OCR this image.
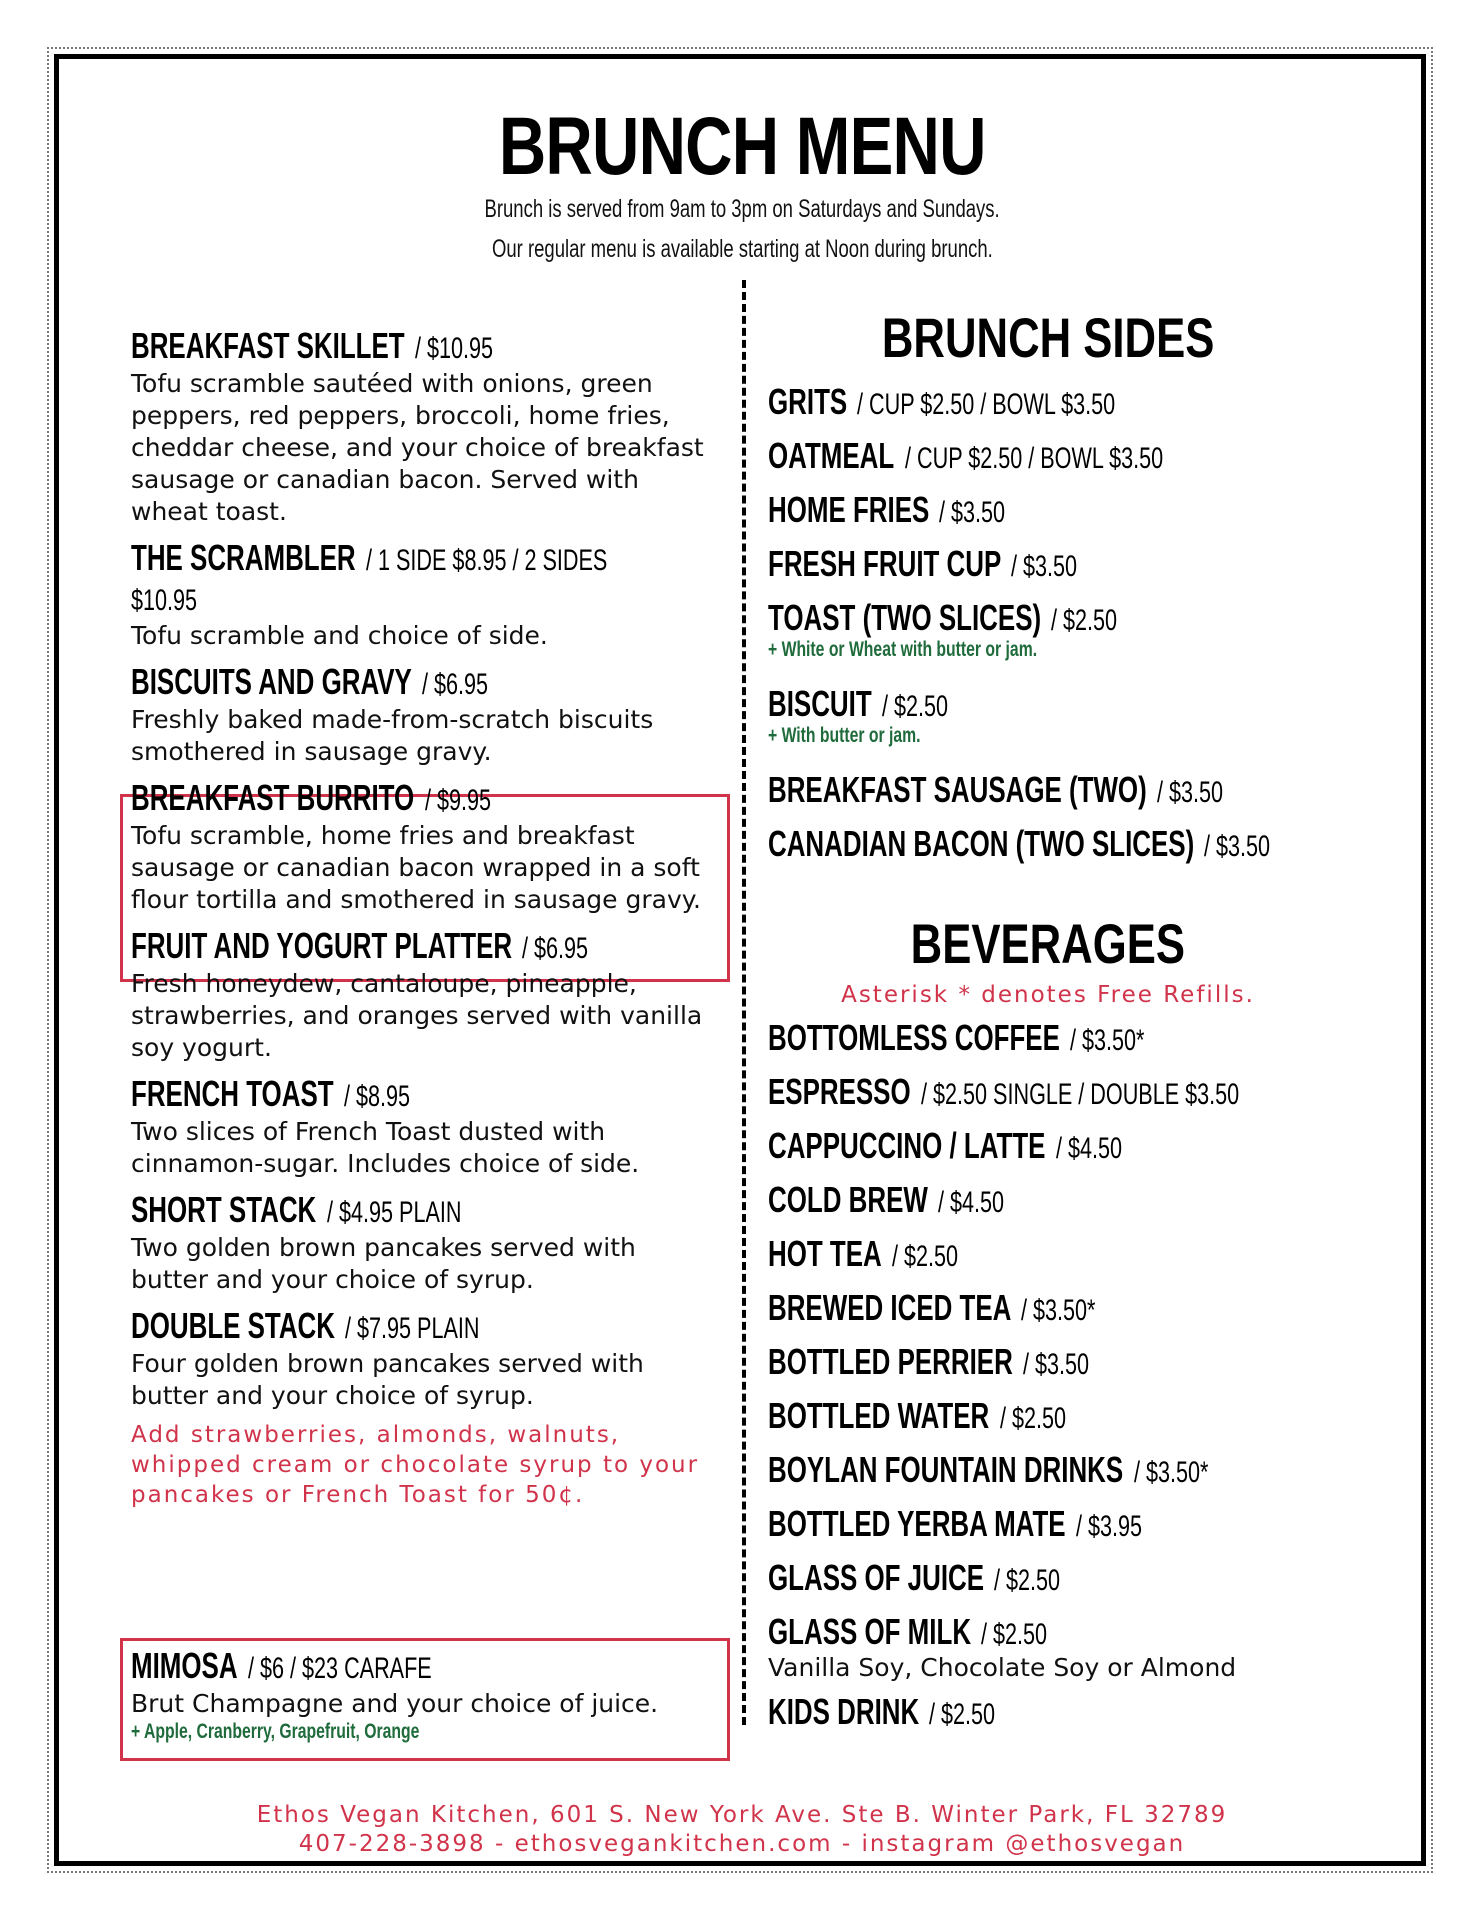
BRUNCH MENU
Brunch is served from 9am to 3pm on Saturdays and Sundays.
Our regular menu is available starting at Noon during brunch.
BREAKFAST SKILLET / $10.95
Tofu scramble sautéed with onions, green peppers, red peppers, broccoli, home fries, cheddar cheese, and your choice of breakfast sausage or canadian bacon. Served with wheat toast.
THE SCRAMBLER / 1 SIDE $8.95 / 2 SIDES
$10.95
Tofu scramble and choice of side.
BISCUITS AND GRAVY / $6.95
Freshly baked made-from-scratch biscuits smothered in sausage gravy.
BREAKFAST BURRITO / $9.95
Tofu scramble, home fries and breakfast sausage or canadian bacon wrapped in a soft flour tortilla and smothered in sausage gravy.
FRUIT AND YOGURT PLATTER / $6.95
Fresh honeydew, cantaloupe, pineapple, strawberries, and oranges served with vanilla soy yogurt.
FRENCH TOAST / $8.95
Two slices of French Toast dusted with cinnamon-sugar. Includes choice of side.
SHORT STACK / $4.95 PLAIN
Two golden brown pancakes served with butter and your choice of syrup.
DOUBLE STACK / $7.95 PLAIN
Four golden brown pancakes served with butter and your choice of syrup.
Add strawberries, almonds, walnuts, whipped cream or chocolate syrup to your pancakes or French Toast for 50¢.
MIMOSA / $6 / $23 CARAFE
Brut Champagne and your choice of juice.
+ Apple, Cranberry, Grapefruit, Orange
BRUNCH SIDES
GRITS / CUP $2.50 / BOWL $3.50
OATMEAL / CUP $2.50 / BOWL $3.50
HOME FRIES / $3.50
FRESH FRUIT CUP / $3.50
TOAST (TWO SLICES) / $2.50
+ White or Wheat with butter or jam.
BISCUIT / $2.50
+ With butter or jam.
BREAKFAST SAUSAGE (TWO) / $3.50
CANADIAN BACON (TWO SLICES) / $3.50
BEVERAGES
Asterisk * denotes Free Refills.
BOTTOMLESS COFFEE / $3.50*
ESPRESSO / $2.50 SINGLE / DOUBLE $3.50
CAPPUCCINO / LATTE / $4.50
COLD BREW / $4.50
HOT TEA / $2.50
BREWED ICED TEA / $3.50*
BOTTLED PERRIER / $3.50
BOTTLED WATER / $2.50
BOYLAN FOUNTAIN DRINKS / $3.50*
BOTTLED YERBA MATE / $3.95
GLASS OF JUICE / $2.50
GLASS OF MILK / $2.50
Vanilla Soy, Chocolate Soy or Almond
KIDS DRINK / $2.50
Ethos Vegan Kitchen, 601 S. New York Ave. Ste B. Winter Park, FL 32789
407-228-3898 - ethosvegankitchen.com - instagram @ethosvegan
